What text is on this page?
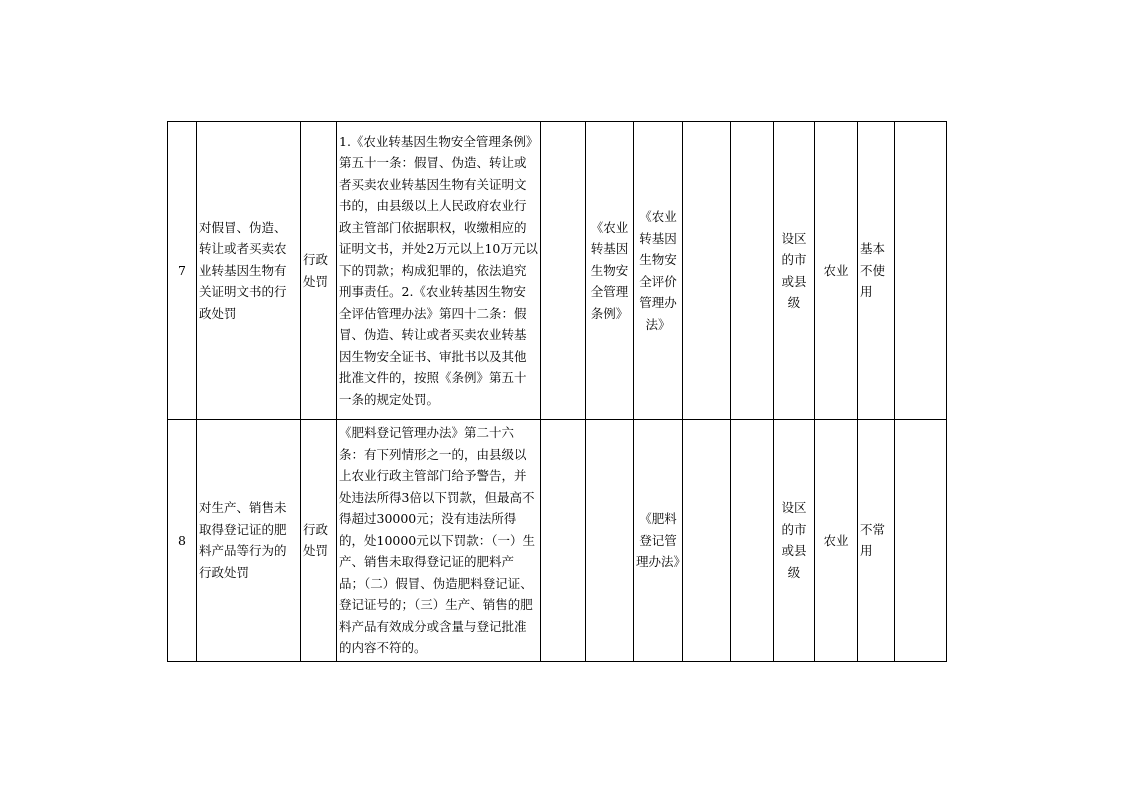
7	对假冒、伪造、转让或者买卖农业转基因生物有关证明文书的行政处罚	行政处罚	1.《农业转基因生物安全管理条例》第五十一条：假冒、伪造、转让或者买卖农业转基因生物有关证明文书的，由县级以上人民政府农业行政主管部门依据职权，收缴相应的证明文书，并处2万元以上10万元以下的罚款；构成犯罪的，依法追究刑事责任。2.《农业转基因生物安全评估管理办法》第四十二条：假冒、伪造、转让或者买卖农业转基因生物安全证书、审批书以及其他批准文件的，按照《条例》第五十一条的规定处罚。		《农业转基因生物安全管理条例》	《农业转基因生物安全评价管理办法》			设区的市或县级	农业	基本不使用	
8	对生产、销售未取得登记证的肥料产品等行为的行政处罚	行政处罚	《肥料登记管理办法》第二十六条：有下列情形之一的，由县级以上农业行政主管部门给予警告，并处违法所得3倍以下罚款，但最高不得超过30000元；没有违法所得的，处10000元以下罚款：（一）生产、销售未取得登记证的肥料产品；（二）假冒、伪造肥料登记证、登记证号的；（三）生产、销售的肥料产品有效成分或含量与登记批准的内容不符的。			《肥料登记管理办法》			设区的市或县级	农业	不常用	
